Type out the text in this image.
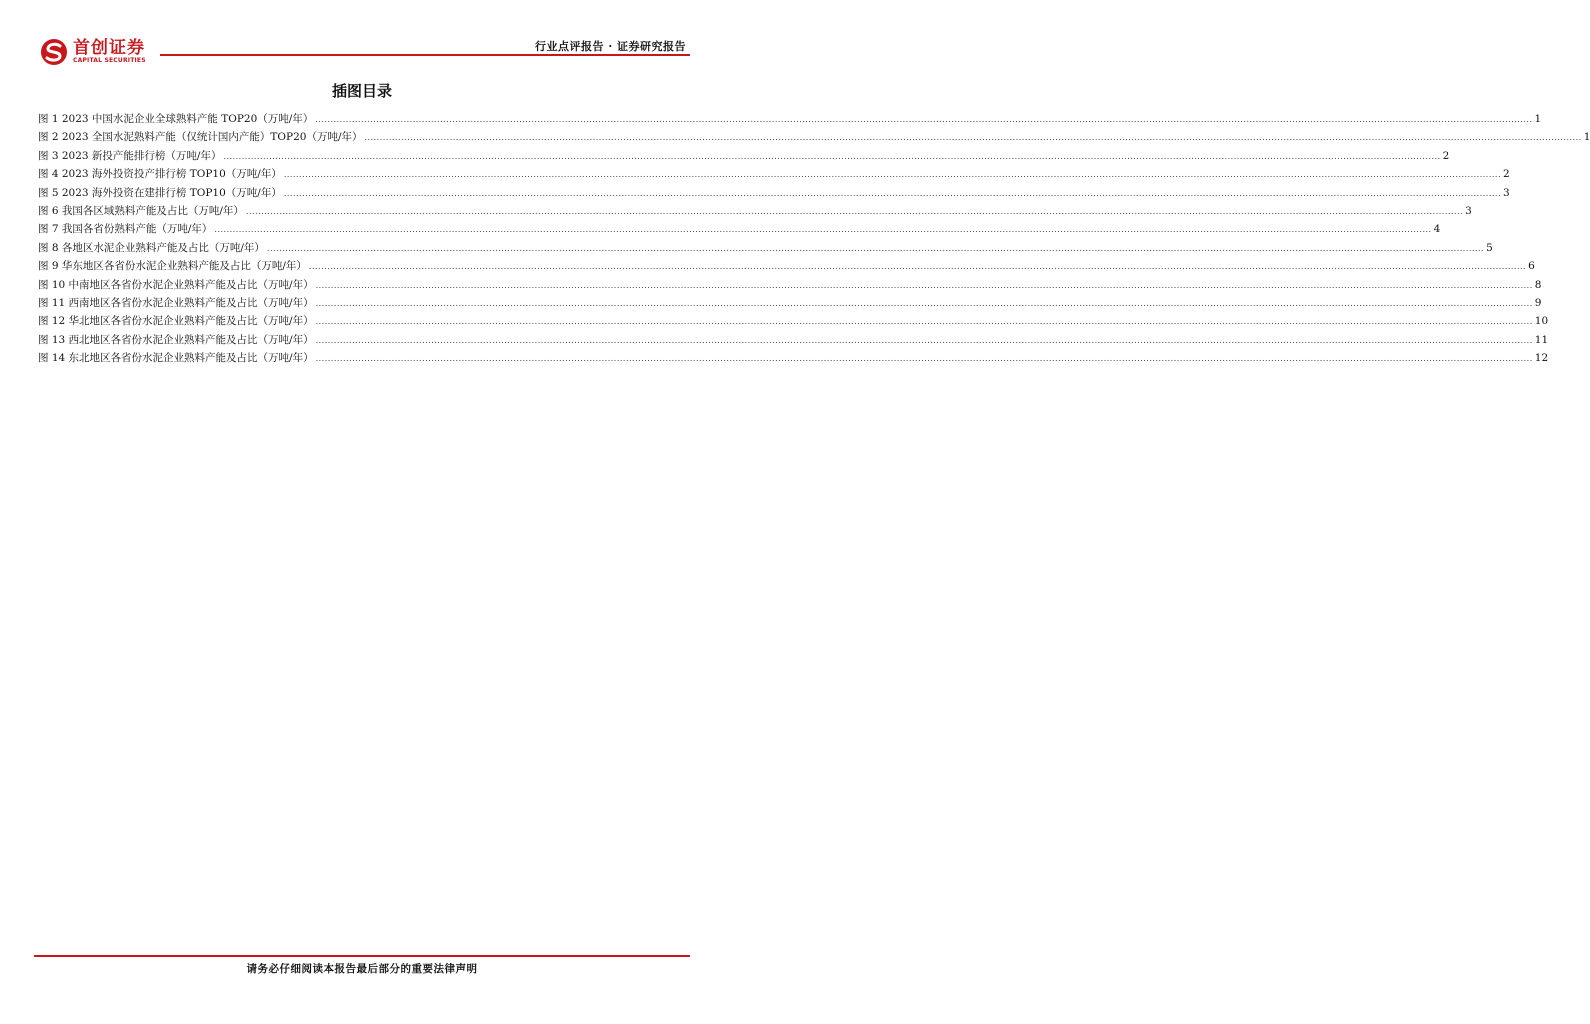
首创证券
CAPITAL SECURITIES
行业点评报告 · 证券研究报告
插图目录
图 1 2023 中国水泥企业全球熟料产能 TOP20（万吨/年） ................................................................................................................................................................................................................................................................................................................................................................................................................ 1
图 2 2023 全国水泥熟料产能（仅统计国内产能）TOP20（万吨/年） ................................................................................................................................................................................................................................................................................................................................................................................................................ 1
图 3 2023 新投产能排行榜（万吨/年） ................................................................................................................................................................................................................................................................................................................................................................................................................ 2
图 4 2023 海外投资投产排行榜 TOP10（万吨/年） ................................................................................................................................................................................................................................................................................................................................................................................................................ 2
图 5 2023 海外投资在建排行榜 TOP10（万吨/年） ................................................................................................................................................................................................................................................................................................................................................................................................................ 3
图 6 我国各区域熟料产能及占比（万吨/年） ................................................................................................................................................................................................................................................................................................................................................................................................................ 3
图 7 我国各省份熟料产能（万吨/年） ................................................................................................................................................................................................................................................................................................................................................................................................................ 4
图 8 各地区水泥企业熟料产能及占比（万吨/年） ................................................................................................................................................................................................................................................................................................................................................................................................................ 5
图 9 华东地区各省份水泥企业熟料产能及占比（万吨/年） ................................................................................................................................................................................................................................................................................................................................................................................................................ 6
图 10 中南地区各省份水泥企业熟料产能及占比（万吨/年） ................................................................................................................................................................................................................................................................................................................................................................................................................ 8
图 11 西南地区各省份水泥企业熟料产能及占比（万吨/年） ................................................................................................................................................................................................................................................................................................................................................................................................................ 9
图 12 华北地区各省份水泥企业熟料产能及占比（万吨/年） ................................................................................................................................................................................................................................................................................................................................................................................................................ 10
图 13 西北地区各省份水泥企业熟料产能及占比（万吨/年） ................................................................................................................................................................................................................................................................................................................................................................................................................ 11
图 14 东北地区各省份水泥企业熟料产能及占比（万吨/年） ................................................................................................................................................................................................................................................................................................................................................................................................................ 12
请务必仔细阅读本报告最后部分的重要法律声明
